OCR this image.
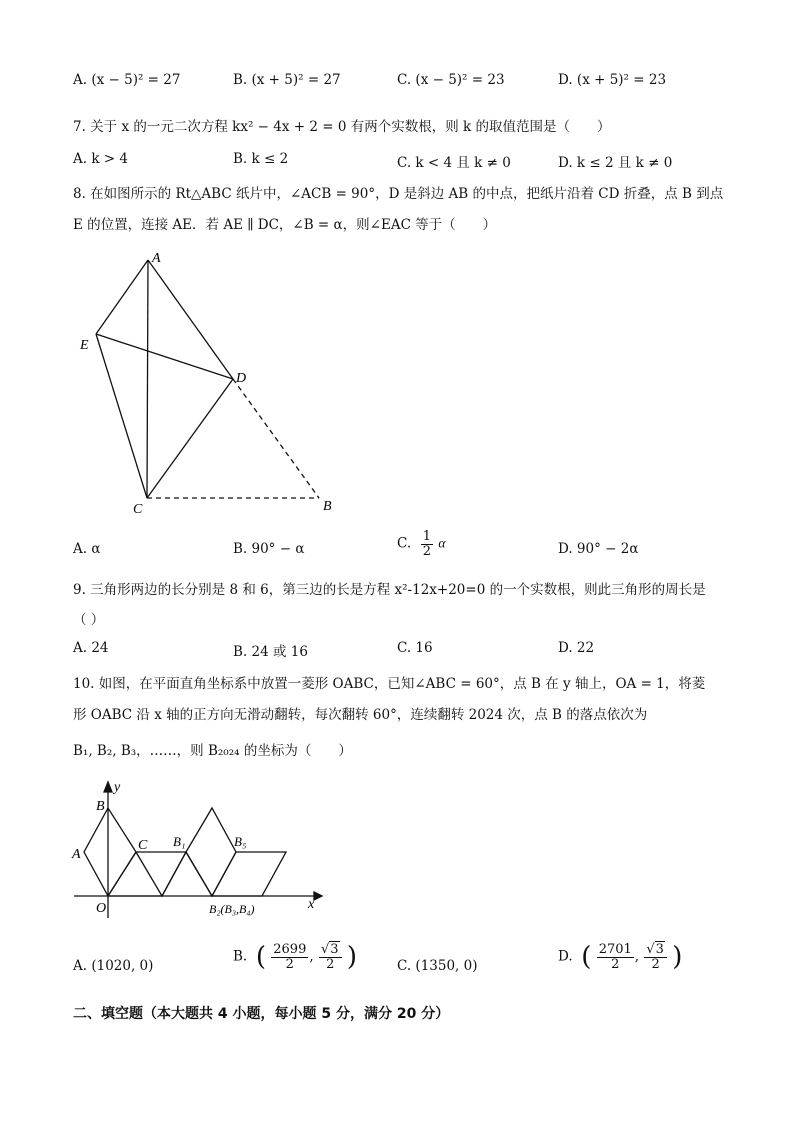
A. (x − 5)² = 27	B. (x + 5)² = 27	C. (x − 5)² = 23	D. (x + 5)² = 23
7. 关于 x 的一元二次方程 kx² − 4x + 2 = 0 有两个实数根，则 k 的取值范围是（　　）
A. k > 4	B. k ≤ 2	C. k < 4 且 k ≠ 0	D. k ≤ 2 且 k ≠ 0
8. 在如图所示的 Rt△ABC 纸片中，∠ACB = 90°，D 是斜边 AB 的中点，把纸片沿着 CD 折叠，点 B 到点
E 的位置，连接 AE．若 AE ∥ DC，∠B = α，则∠EAC 等于（　　）
A
E
D
C	B
A. α	B. 90° − α	C. $\frac{1}{2}$ α	D. 90° − 2α
9. 三角形两边的长分别是 8 和 6，第三边的长是方程 x²-12x+20=0 的一个实数根，则此三角形的周长是
（ ）
A. 24	B. 24 或 16	C. 16	D. 22
10. 如图，在平面直角坐标系中放置一菱形 OABC，已知∠ABC = 60°，点 B 在 y 轴上，OA = 1，将菱
形 OABC 沿 x 轴的正方向无滑动翻转，每次翻转 60°，连续翻转 2024 次，点 B 的落点依次为
B₁, B₂, B₃，……，则 B₂₀₂₄ 的坐标为（　　）
y
x
B
A
O
C B₁	B₅
B₂(B₃,B₄)
A. (1020, 0)
B. ( $\frac{2699}{2}$ , $\frac{√3}{2}$ )	C. (1350, 0)
D. ( $\frac{2701}{2}$ , $\frac{√3}{2}$ )
二、填空题（本大题共 4 小题，每小题 5 分，满分 20 分）
